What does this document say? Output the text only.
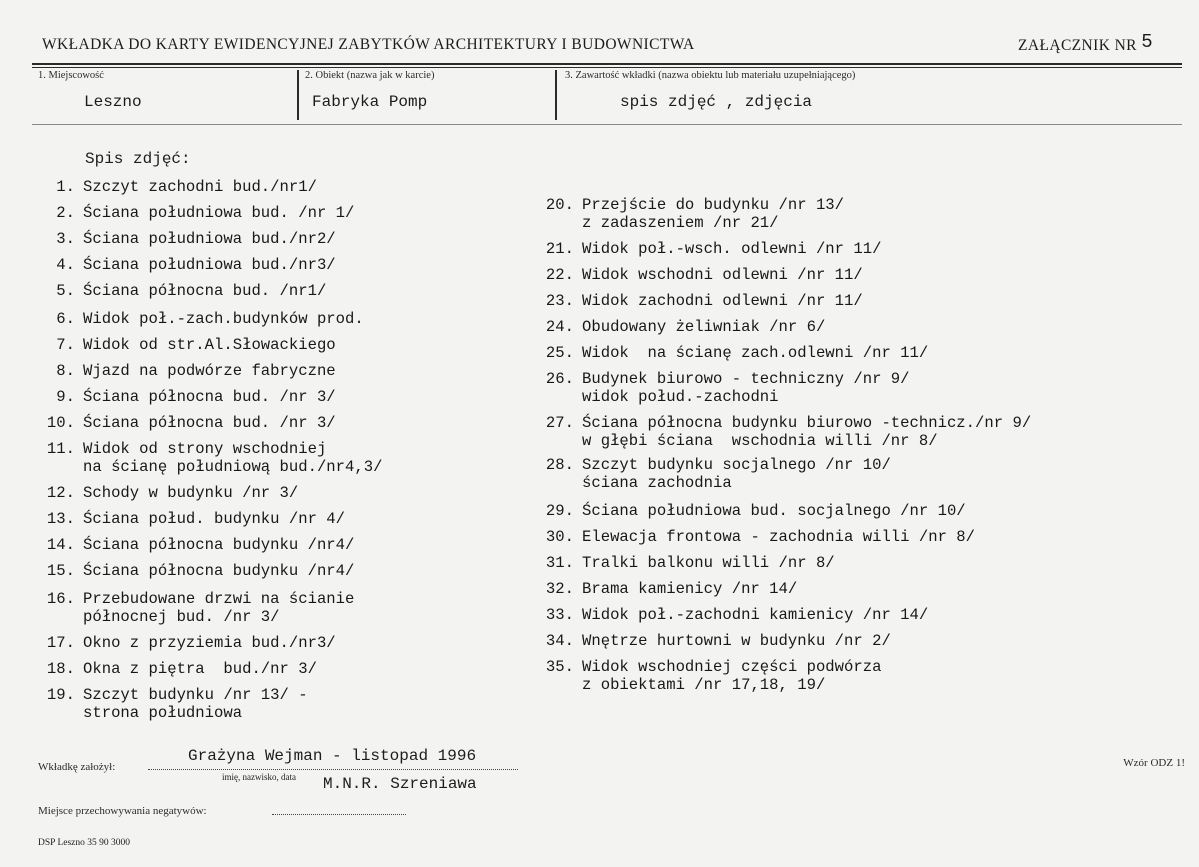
WKŁADKA DO KARTY EWIDENCYJNEJ ZABYTKÓW ARCHITEKTURY I BUDOWNICTWA	ZAŁĄCZNIK NR 5
1. Miejscowość
Leszno
2. Obiekt (nazwa jak w karcie)
Fabryka Pomp
3. Zawartość wkładki (nazwa obiektu lub materiału uzupełniającego)
spis zdjęć , zdjęcia
Spis zdjęć:
1. Szczyt zachodni bud./nr1/
2. Ściana południowa bud. /nr 1/
3. Ściana południowa bud./nr2/
4. Ściana południowa bud./nr3/
5. Ściana północna bud. /nr1/
6. Widok poł.-zach.budynków prod.
7. Widok od str.Al.Słowackiego
8. Wjazd na podwórze fabryczne
9. Ściana północna bud. /nr 3/
10. Ściana północna bud. /nr 3/
11. Widok od strony wschodniej
na ścianę południową bud./nr4,3/
12. Schody w budynku /nr 3/
13. Ściana połud. budynku /nr 4/
14. Ściana północna budynku /nr4/
15. Ściana północna budynku /nr4/
16. Przebudowane drzwi na ścianie
północnej bud. /nr 3/
17. Okno z przyziemia bud./nr3/
18. Okna z piętra  bud./nr 3/
19. Szczyt budynku /nr 13/ -
strona południowa
20. Przejście do budynku /nr 13/
z zadaszeniem /nr 21/
21. Widok poł.-wsch. odlewni /nr 11/
22. Widok wschodni odlewni /nr 11/
23. Widok zachodni odlewni /nr 11/
24. Obudowany żeliwniak /nr 6/
25. Widok  na ścianę zach.odlewni /nr 11/
26. Budynek biurowo - techniczny /nr 9/
widok połud.-zachodni
27. Ściana północna budynku biurowo -technicz./nr 9/
w głębi ściana  wschodnia willi /nr 8/
28. Szczyt budynku socjalnego /nr 10/
ściana zachodnia
29. Ściana południowa bud. socjalnego /nr 10/
30. Elewacja frontowa - zachodnia willi /nr 8/
31. Tralki balkonu willi /nr 8/
32. Brama kamienicy /nr 14/
33. Widok poł.-zachodni kamienicy /nr 14/
34. Wnętrze hurtowni w budynku /nr 2/
35. Widok wschodniej części podwórza
z obiektami /nr 17,18, 19/
Wkładkę założył:
Grażyna Wejman - listopad 1996
imię, nazwisko, data M.N.R. Szreniawa
Wzór ODZ 1!
Miejsce przechowywania negatywów:
DSP Leszno 35 90 3000
